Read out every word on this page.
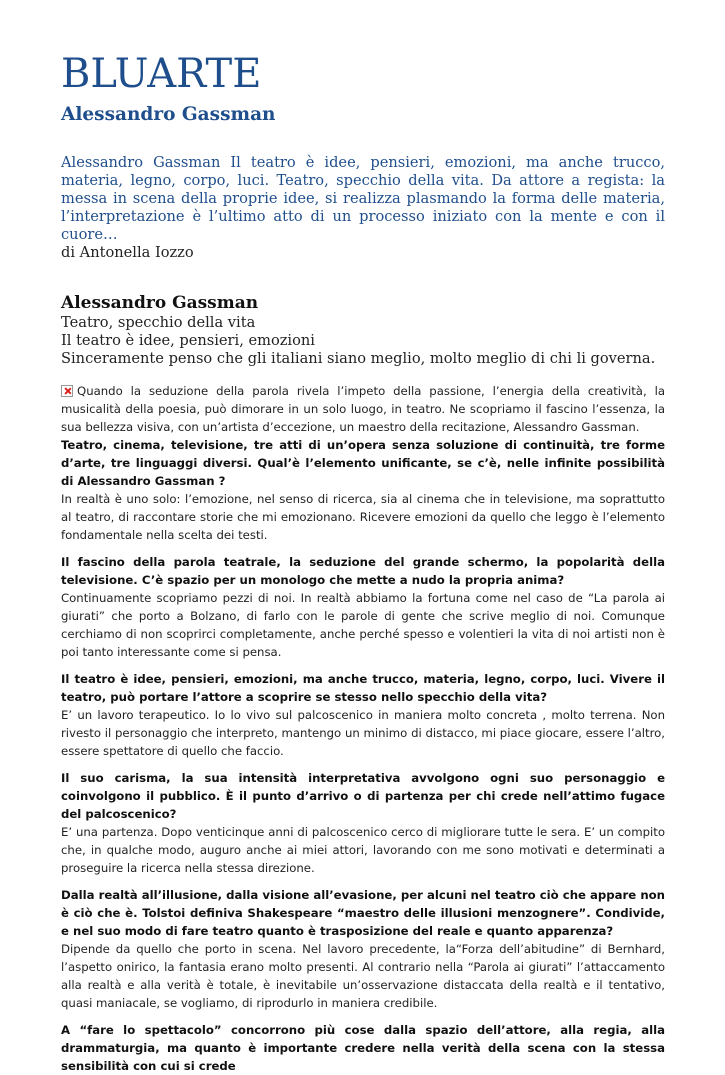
BLUARTE
Alessandro Gassman

Alessandro Gassman Il teatro è idee, pensieri, emozioni, ma anche trucco, materia, legno, corpo, luci. Teatro, specchio della vita. Da attore a regista: la messa in scena della proprie idee, si realizza plasmando la forma delle materia, l’interpretazione è l’ultimo atto di un processo iniziato con la mente e con il cuore…

di Antonella Iozzo

Alessandro Gassman

Teatro, specchio della vita

Il teatro è idee, pensieri, emozioni

Sinceramente penso che gli italiani siano meglio, molto meglio di chi li governa.

Quando la seduzione della parola rivela l’impeto della passione, l’energia della creatività, la musicalità della poesia, può dimorare in un solo luogo, in teatro. Ne scopriamo il fascino l’essenza, la sua bellezza visiva, con un’artista d’eccezione, un maestro della recitazione, Alessandro Gassman.

Teatro, cinema, televisione, tre atti di un’opera senza soluzione di continuità, tre forme d’arte, tre linguaggi diversi. Qual’è l’elemento unificante, se c’è, nelle infinite possibilità di Alessandro Gassman ?

In realtà è uno solo: l’emozione, nel senso di ricerca, sia al cinema che in televisione, ma soprattutto al teatro, di raccontare storie che mi emozionano. Ricevere emozioni da quello che leggo è l’elemento fondamentale nella scelta dei testi.

Il fascino della parola teatrale, la seduzione del grande schermo, la popolarità della televisione. C’è spazio per un monologo che mette a nudo la propria anima?

Continuamente scopriamo pezzi di noi. In realtà abbiamo la fortuna come nel caso de “La parola ai giurati” che porto a Bolzano, di farlo con le parole di gente che scrive meglio di noi. Comunque cerchiamo di non scoprirci completamente, anche perché spesso e volentieri la vita di noi artisti non è poi tanto interessante come si pensa.

Il teatro è idee, pensieri, emozioni, ma anche trucco, materia, legno, corpo, luci. Vivere il teatro, può portare l’attore a scoprire se stesso nello specchio della vita?

E’ un lavoro terapeutico. Io lo vivo sul palcoscenico in maniera molto concreta , molto terrena. Non rivesto il personaggio che interpreto, mantengo un minimo di distacco, mi piace giocare, essere l’altro, essere spettatore di quello che faccio.

Il suo carisma, la sua intensità interpretativa avvolgono ogni suo personaggio e coinvolgono il pubblico. È il punto d’arrivo o di partenza per chi crede nell’attimo fugace del palcoscenico?

E’ una partenza. Dopo venticinque anni di palcoscenico cerco di migliorare tutte le sera. E’ un compito che, in qualche modo, auguro anche ai miei attori, lavorando con me sono motivati e determinati a proseguire la ricerca nella stessa direzione.

Dalla realtà all’illusione, dalla visione all’evasione, per alcuni nel teatro ciò che appare non è ciò che è. Tolstoi definiva Shakespeare “maestro delle illusioni menzognere”. Condivide, e nel suo modo di fare teatro quanto è trasposizione del reale e quanto apparenza?

Dipende da quello che porto in scena. Nel lavoro precedente, la“Forza dell’abitudine” di Bernhard, l’aspetto onirico, la fantasia erano molto presenti. Al contrario nella “Parola ai giurati” l’attaccamento alla realtà e alla verità è totale, è inevitabile un’osservazione distaccata della realtà e il tentativo, quasi maniacale, se vogliamo, di riprodurlo in maniera credibile.

A “fare lo spettacolo” concorrono più cose dalla spazio dell’attore, alla regia, alla drammaturgia, ma quanto è importante credere nella verità della scena con la stessa sensibilità con cui si crede
